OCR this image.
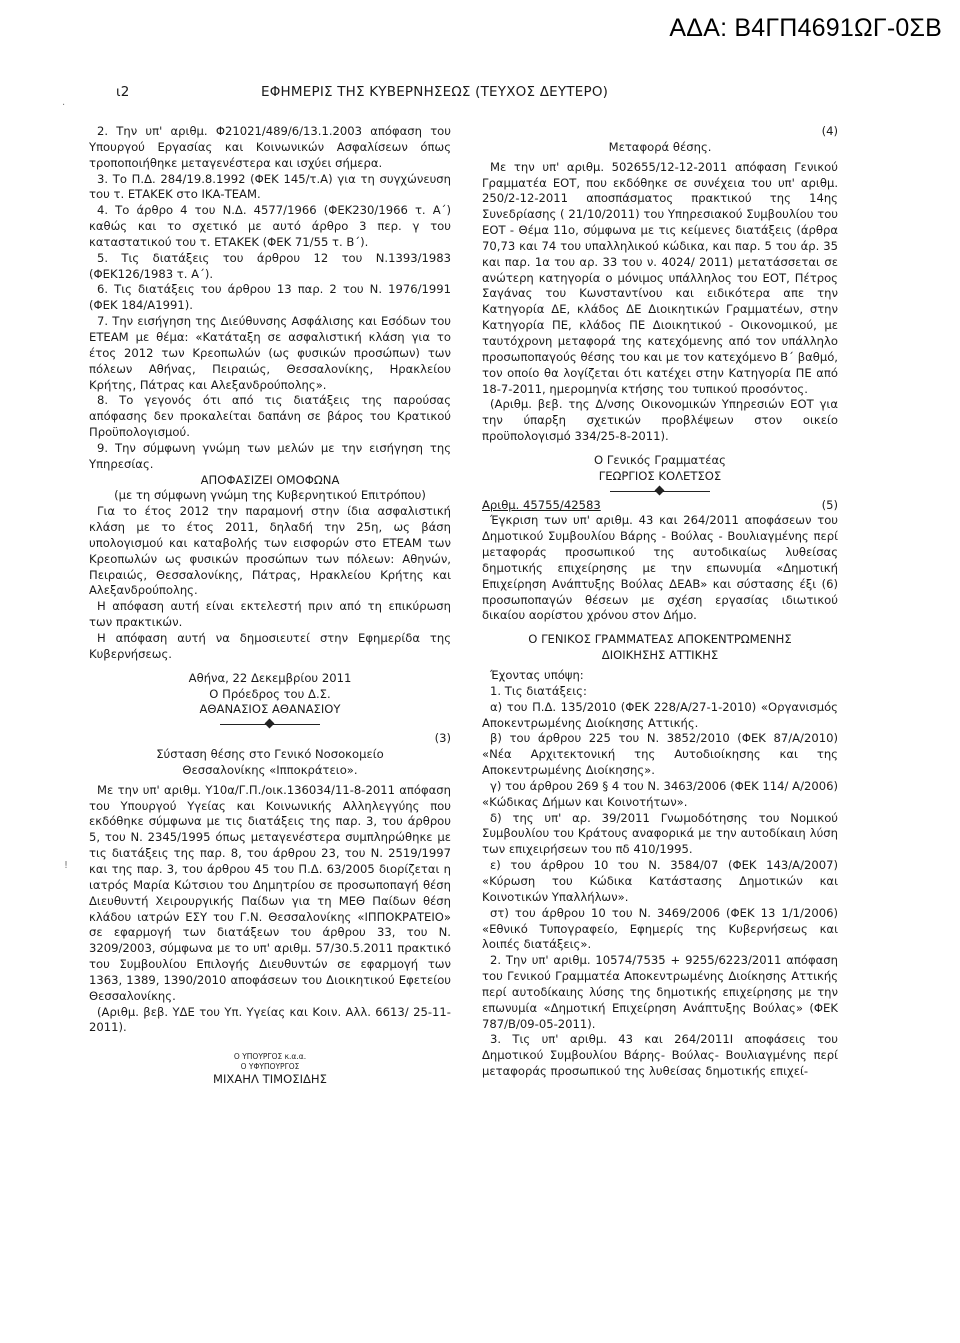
ΑΔΑ: Β4ΓΠ4691ΩΓ-0ΣΒ
ι2	ΕΦΗΜΕΡΙΣ ΤΗΣ ΚΥΒΕΡΝΗΣΕΩΣ (ΤΕΥΧΟΣ ΔΕΥΤΕΡΟ)
·
!

2. Την υπ' αριθμ. Φ21021/489/6/13.1.2003 απόφαση του Υπουργού Εργασίας και Κοινωνικών Ασφαλίσεων όπως τροποποιήθηκε μεταγενέστερα και ισχύει σήμερα.

3. Το Π.Δ. 284/19.8.1992 (ΦΕΚ 145/τ.Α) για τη συγχώνευση του τ. ΕΤΑΚΕΚ στο ΙΚΑ-ΤΕΑΜ.

4. Το άρθρο 4 του Ν.Δ. 4577/1966 (ΦΕΚ230/1966 τ. Α΄) καθώς και το σχετικό με αυτό άρθρο 3 περ. γ του καταστατικού του τ. ΕΤΑΚΕΚ (ΦΕΚ 71/55 τ. Β΄).

5. Τις διατάξεις του άρθρου 12 του Ν.1393/1983 (ΦΕΚ126/1983 τ. Α΄).

6. Τις διατάξεις του άρθρου 13 παρ. 2 του Ν. 1976/1991 (ΦΕΚ 184/Α1991).

7. Την εισήγηση της Διεύθυνσης Ασφάλισης και Εσόδων του ΕΤΕΑΜ με θέμα: «Κατάταξη σε ασφαλιστική κλάση για το έτος 2012 των Κρεοπωλών (ως φυσικών προσώπων) των πόλεων Αθήνας, Πειραιώς, Θεσσαλονίκης, Ηρακλείου Κρήτης, Πάτρας και Αλεξανδρούπολης».

8. Το γεγονός ότι από τις διατάξεις της παρούσας απόφασης δεν προκαλείται δαπάνη σε βάρος του Κρατικού Προϋπολογισμού.

9. Την σύμφωνη γνώμη των μελών με την εισήγηση της Υπηρεσίας.

ΑΠΟΦΑΣΙΖΕΙ ΟΜΟΦΩΝΑ

(με τη σύμφωνη γνώμη της Κυβερνητικού Επιτρόπου)

Για το έτος 2012 την παραμονή στην ίδια ασφαλιστική κλάση με το έτος 2011, δηλαδή την 25η, ως βάση υπολογισμού και καταβολής των εισφορών στο ΕΤΕΑΜ των Κρεοπωλών ως φυσικών προσώπων των πόλεων: Αθηνών, Πειραιώς, Θεσσαλονίκης, Πάτρας, Ηρακλείου Κρήτης και Αλεξανδρούπολης.

Η απόφαση αυτή είναι εκτελεστή πριν από τη επικύρωση των πρακτικών.

Η απόφαση αυτή να δημοσιευτεί στην Εφημερίδα της Κυβερνήσεως.

Αθήνα, 22 Δεκεμβρίου 2011

Ο Πρόεδρος του Δ.Σ.

ΑΘΑΝΑΣΙΟΣ ΑΘΑΝΑΣΙΟΥ

(3)

Σύσταση θέσης στο Γενικό Νοσοκομείο

Θεσσαλονίκης «Ιπποκράτειο».

Με την υπ' αριθμ. Υ10α/Γ.Π./οικ.136034/11-8-2011 απόφαση του Υπουργού Υγείας και Κοινωνικής Αλληλεγγύης που εκδόθηκε σύμφωνα με τις διατάξεις της παρ. 3, του άρθρου 5, του Ν. 2345/1995 όπως μεταγενέστερα συμπληρώθηκε με τις διατάξεις της παρ. 8, του άρθρου 23, του Ν. 2519/1997 και της παρ. 3, του άρθρου 45 του Π.Δ. 63/2005 διορίζεται η ιατρός Μαρία Κώτσιου του Δημητρίου σε προσωποπαγή θέση Διευθυντή Χειρουργικής Παίδων για τη ΜΕΘ Παίδων θέση κλάδου ιατρών ΕΣΥ του Γ.Ν. Θεσσαλονίκης «ΙΠΠΟΚΡΑΤΕΙΟ» σε εφαρμογή των διατάξεων του άρθρου 33, του Ν. 3209/2003, σύμφωνα με το υπ' αριθμ. 57/30.5.2011 πρακτικό του Συμβουλίου Επιλογής Διευθυντών σε εφαρμογή των 1363, 1389, 1390/2010 αποφάσεων του Διοικητικού Εφετείου Θεσσαλονίκης.

(Αριθμ. βεβ. ΥΔΕ του Υπ. Υγείας και Κοιν. Αλλ. 6613/ 25-11-2011).

Ο ΥΠΟΥΡΓΟΣ κ.α.α.

Ο ΥΦΥΠΟΥΡΓΟΣ

ΜΙΧΑΗΛ ΤΙΜΟΣΙΔΗΣ

(4)

Μεταφορά θέσης.

Με την υπ' αριθμ. 502655/12-12-2011 απόφαση Γενικού Γραμματέα ΕΟΤ, που εκδόθηκε σε συνέχεια του υπ' αριθμ. 250/2-12-2011 αποσπάσματος πρακτικού της 14ης Συνεδρίασης ( 21/10/2011) του Υπηρεσιακού Συμβουλίου του ΕΟΤ - Θέμα 11ο, σύμφωνα με τις κείμενες διατάξεις (άρθρα 70,73 και 74 του υπαλληλικού κώδικα, και παρ. 5 του άρ. 35 και παρ. 1α του αρ. 33 του ν. 4024/ 2011) μετατάσσεται σε ανώτερη κατηγορία ο μόνιμος υπάλληλος του ΕΟΤ, Πέτρος Σαγάνας του Κωνσταντίνου και ειδικότερα απε την Κατηγορία ΔΕ, κλάδος ΔΕ Διοικητικών Γραμματέων, στην Κατηγορία ΠΕ, κλάδος ΠΕ Διοικητικού - Οικονομικού, με ταυτόχρονη μεταφορά της κατεχόμενης από τον υπάλληλο προσωποπαγούς θέσης του και με τον κατεχόμενο Β΄ βαθμό, τον οποίο θα λογίζεται ότι κατέχει στην Κατηγορία ΠΕ από 18-7-2011, ημερομηνία κτήσης του τυπικού προσόντος.

(Αριθμ. βεβ. της Δ/νσης Οικονομικών Υπηρεσιών ΕΟΤ για την ύπαρξη σχετικών προβλέψεων στον οικείο προϋπολογισμό 334/25-8-2011).

Ο Γενικός Γραμματέας

ΓΕΩΡΓΙΟΣ ΚΟΛΕΤΣΟΣ

Αριθμ. 45755/42583	(5)

Έγκριση των υπ' αριθμ. 43 και 264/2011 αποφάσεων του Δημοτικού Συμβουλίου Βάρης - Βούλας - Βουλιαγμένης περί μεταφοράς προσωπικού της αυτοδικαίως λυθείσας δημοτικής επιχείρησης με την επωνυμία «Δημοτική Επιχείρηση Ανάπτυξης Βούλας ΔΕΑΒ» και σύστασης έξι (6) προσωποπαγών θέσεων με σχέση εργασίας ιδιωτικού δικαίου αορίστου χρόνου στον Δήμο.

Ο ΓΕΝΙΚΟΣ ΓΡΑΜΜΑΤΕΑΣ ΑΠΟΚΕΝΤΡΩΜΕΝΗΣ

ΔΙΟΙΚΗΣΗΣ ΑΤΤΙΚΗΣ

Έχοντας υπόψη:

1. Τις διατάξεις:

α) του Π.Δ. 135/2010 (ΦΕΚ 228/Α/27-1-2010) «Οργανισμός Αποκεντρωμένης Διοίκησης Αττικής.

β) του άρθρου 225 του Ν. 3852/2010 (ΦΕΚ 87/Α/2010) «Νέα Αρχιτεκτονική της Αυτοδιοίκησης και της Αποκεντρωμένης Διοίκησης».

γ) του άρθρου 269 § 4 του Ν. 3463/2006 (ΦΕΚ 114/ Α/2006) «Κώδικας Δήμων και Κοινοτήτων».

δ) της υπ' αρ. 39/2011 Γνωμοδότησης του Νομικού Συμβουλίου του Κράτους αναφορικά με την αυτοδίκαιη λύση των επιχειρήσεων του πδ 410/1995.

ε) του άρθρου 10 του Ν. 3584/07 (ΦΕΚ 143/Α/2007) «Κύρωση του Κώδικα Κατάστασης Δημοτικών και Κοινοτικών Υπαλλήλων».

στ) του άρθρου 10 του Ν. 3469/2006 (ΦΕΚ 13 1/1/2006) «Εθνικό Τυπογραφείο, Εφημερίς της Κυβερνήσεως και λοιπές διατάξεις».

2. Την υπ' αριθμ. 10574/7535 + 9255/6223/2011 απόφαση του Γενικού Γραμματέα Αποκεντρωμένης Διοίκησης Αττικής περί αυτοδίκαιης λύσης της δημοτικής επιχείρησης με την επωνυμία «Δημοτική Επιχείρηση Ανάπτυξης Βούλας» (ΦΕΚ 787/Β/09-05-2011).

3. Τις υπ' αριθμ. 43 και 264/2011Ι αποφάσεις του Δημοτικού Συμβουλίου Βάρης- Βούλας- Βουλιαγμένης περί μεταφοράς προσωπικού της λυθείσας δημοτικής επιχεί-
